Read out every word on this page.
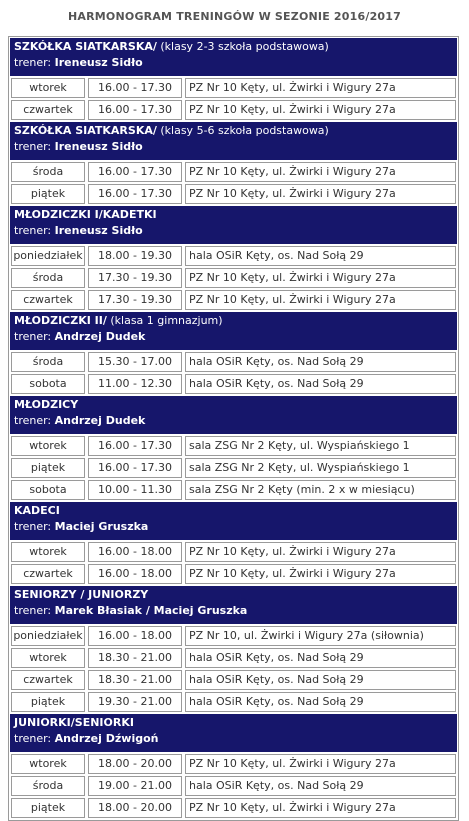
HARMONOGRAM TRENINGÓW W SEZONIE 2016/2017
SZKÓŁKA SIATKARSKA/ (klasy 2-3 szkoła podstawowa)
trener: Ireneusz Sidło
wtorek	16.00 - 17.30	PZ Nr 10 Kęty, ul. Żwirki i Wigury 27a
czwartek	16.00 - 17.30	PZ Nr 10 Kęty, ul. Żwirki i Wigury 27a
SZKÓŁKA SIATKARSKA/ (klasy 5-6 szkoła podstawowa)
trener: Ireneusz Sidło
środa	16.00 - 17.30	PZ Nr 10 Kęty, ul. Żwirki i Wigury 27a
piątek	16.00 - 17.30	PZ Nr 10 Kęty, ul. Żwirki i Wigury 27a
MŁODZICZKI I/KADETKI
trener: Ireneusz Sidło
poniedziałek	18.00 - 19.30	hala OSiR Kęty, os. Nad Sołą 29
środa	17.30 - 19.30	PZ Nr 10 Kęty, ul. Żwirki i Wigury 27a
czwartek	17.30 - 19.30	PZ Nr 10 Kęty, ul. Żwirki i Wigury 27a
MŁODZICZKI II/ (klasa 1 gimnazjum)
trener: Andrzej Dudek
środa	15.30 - 17.00	hala OSiR Kęty, os. Nad Sołą 29
sobota	11.00 - 12.30	hala OSiR Kęty, os. Nad Sołą 29
MŁODZICY
trener: Andrzej Dudek
wtorek	16.00 - 17.30	sala ZSG Nr 2 Kęty, ul. Wyspiańskiego 1
piątek	16.00 - 17.30	sala ZSG Nr 2 Kęty, ul. Wyspiańskiego 1
sobota	10.00 - 11.30	sala ZSG Nr 2 Kęty (min. 2 x w miesiącu)
KADECI
trener: Maciej Gruszka
wtorek	16.00 - 18.00	PZ Nr 10 Kęty, ul. Żwirki i Wigury 27a
czwartek	16.00 - 18.00	PZ Nr 10 Kęty, ul. Żwirki i Wigury 27a
SENIORZY / JUNIORZY
trener: Marek Błasiak / Maciej Gruszka
poniedziałek	16.00 - 18.00	PZ Nr 10, ul. Żwirki i Wigury 27a (siłownia)
wtorek	18.30 - 21.00	hala OSiR Kęty, os. Nad Sołą 29
czwartek	18.30 - 21.00	hala OSiR Kęty, os. Nad Sołą 29
piątek	19.30 - 21.00	hala OSiR Kęty, os. Nad Sołą 29
JUNIORKI/SENIORKI
trener: Andrzej Dźwigoń
wtorek	18.00 - 20.00	PZ Nr 10 Kęty, ul. Żwirki i Wigury 27a
środa	19.00 - 21.00	hala OSiR Kęty, os. Nad Sołą 29
piątek	18.00 - 20.00	PZ Nr 10 Kęty, ul. Żwirki i Wigury 27a
